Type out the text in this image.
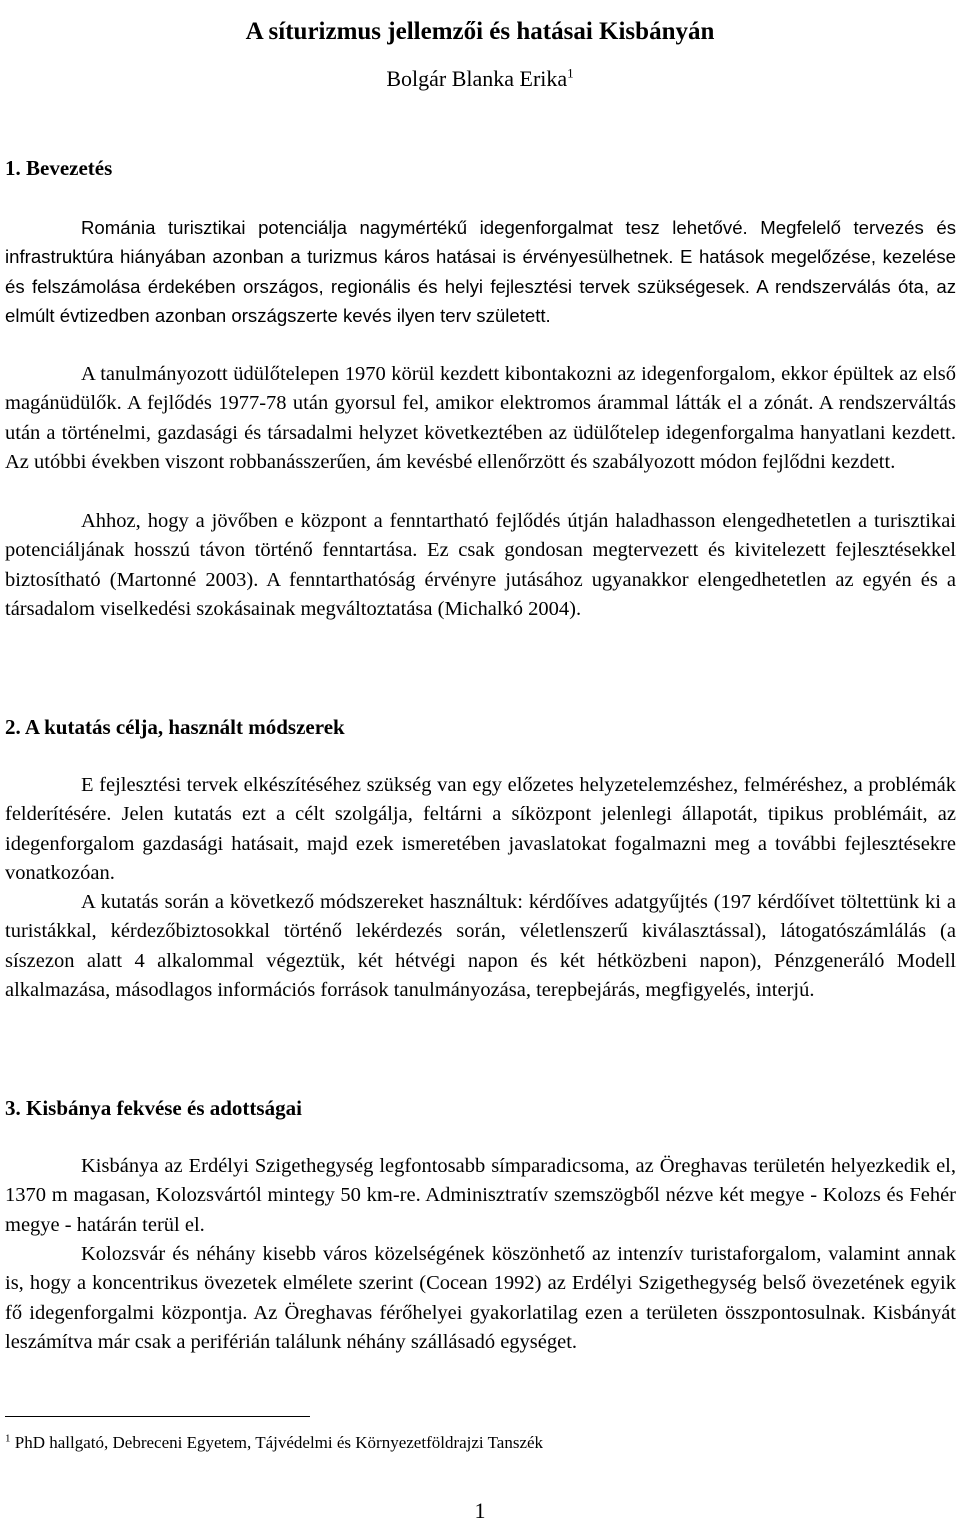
A síturizmus jellemzői és hatásai Kisbányán
Bolgár Blanka Erika$^1$
1. Bevezetés

Románia turisztikai potenciálja nagymértékű idegenforgalmat tesz lehetővé. Megfelelő tervezés és infrastruktúra hiányában azonban a turizmus káros hatásai is érvényesülhetnek. E hatások megelőzése, kezelése és felszámolása érdekében országos, regionális és helyi fejlesztési tervek szükségesek. A rendszerválás óta, az elmúlt évtizedben azonban országszerte kevés ilyen terv született.

A tanulmányozott üdülőtelepen 1970 körül kezdett kibontakozni az idegenforgalom, ekkor épültek az első magánüdülők. A fejlődés 1977-78 után gyorsul fel, amikor elektromos árammal látták el a zónát. A rendszerváltás után a történelmi, gazdasági és társadalmi helyzet következtében az üdülőtelep idegenforgalma hanyatlani kezdett. Az utóbbi években viszont robbanásszerűen, ám kevésbé ellenőrzött és szabályozott módon fejlődni kezdett.

Ahhoz, hogy a jövőben e központ a fenntartható fejlődés útján haladhasson elengedhetetlen a turisztikai potenciáljának hosszú távon történő fenntartása. Ez csak gondosan megtervezett és kivitelezett fejlesztésekkel biztosítható (Martonné 2003). A fenntarthatóság érvényre jutásához ugyanakkor elengedhetetlen az egyén és a társadalom viselkedési szokásainak megváltoztatása (Michalkó 2004).

2. A kutatás célja, használt módszerek

E fejlesztési tervek elkészítéséhez szükség van egy előzetes helyzetelemzéshez, felméréshez, a problémák felderítésére. Jelen kutatás ezt a célt szolgálja, feltárni a síközpont jelenlegi állapotát, tipikus problémáit, az idegenforgalom gazdasági hatásait, majd ezek ismeretében javaslatokat fogalmazni meg a további fejlesztésekre vonatkozóan.

A kutatás során a következő módszereket használtuk: kérdőíves adatgyűjtés (197 kérdőívet töltettünk ki a turistákkal, kérdezőbiztosokkal történő lekérdezés során, véletlenszerű kiválasztással), látogatószámlálás (a síszezon alatt 4 alkalommal végeztük, két hétvégi napon és két hétközbeni napon), Pénzgeneráló Modell alkalmazása, másodlagos információs források tanulmányozása, terepbejárás, megfigyelés, interjú.

3. Kisbánya fekvése és adottságai

Kisbánya az Erdélyi Szigethegység legfontosabb símparadicsoma, az Öreghavas területén helyezkedik el, 1370 m magasan, Kolozsvártól mintegy 50 km-re. Adminisztratív szemszögből nézve két megye - Kolozs és Fehér megye - határán terül el.

Kolozsvár és néhány kisebb város közelségének köszönhető az intenzív turistaforgalom, valamint annak is, hogy a koncentrikus övezetek elmélete szerint (Cocean 1992) az Erdélyi Szigethegység belső övezetének egyik fő idegenforgalmi központja. Az Öreghavas férőhelyei gyakorlatilag ezen a területen összpontosulnak. Kisbányát leszámítva már csak a periférián találunk néhány szállásadó egységet.

$^1$ PhD hallgató, Debreceni Egyetem, Tájvédelmi és Környezetföldrajzi Tanszék

1
